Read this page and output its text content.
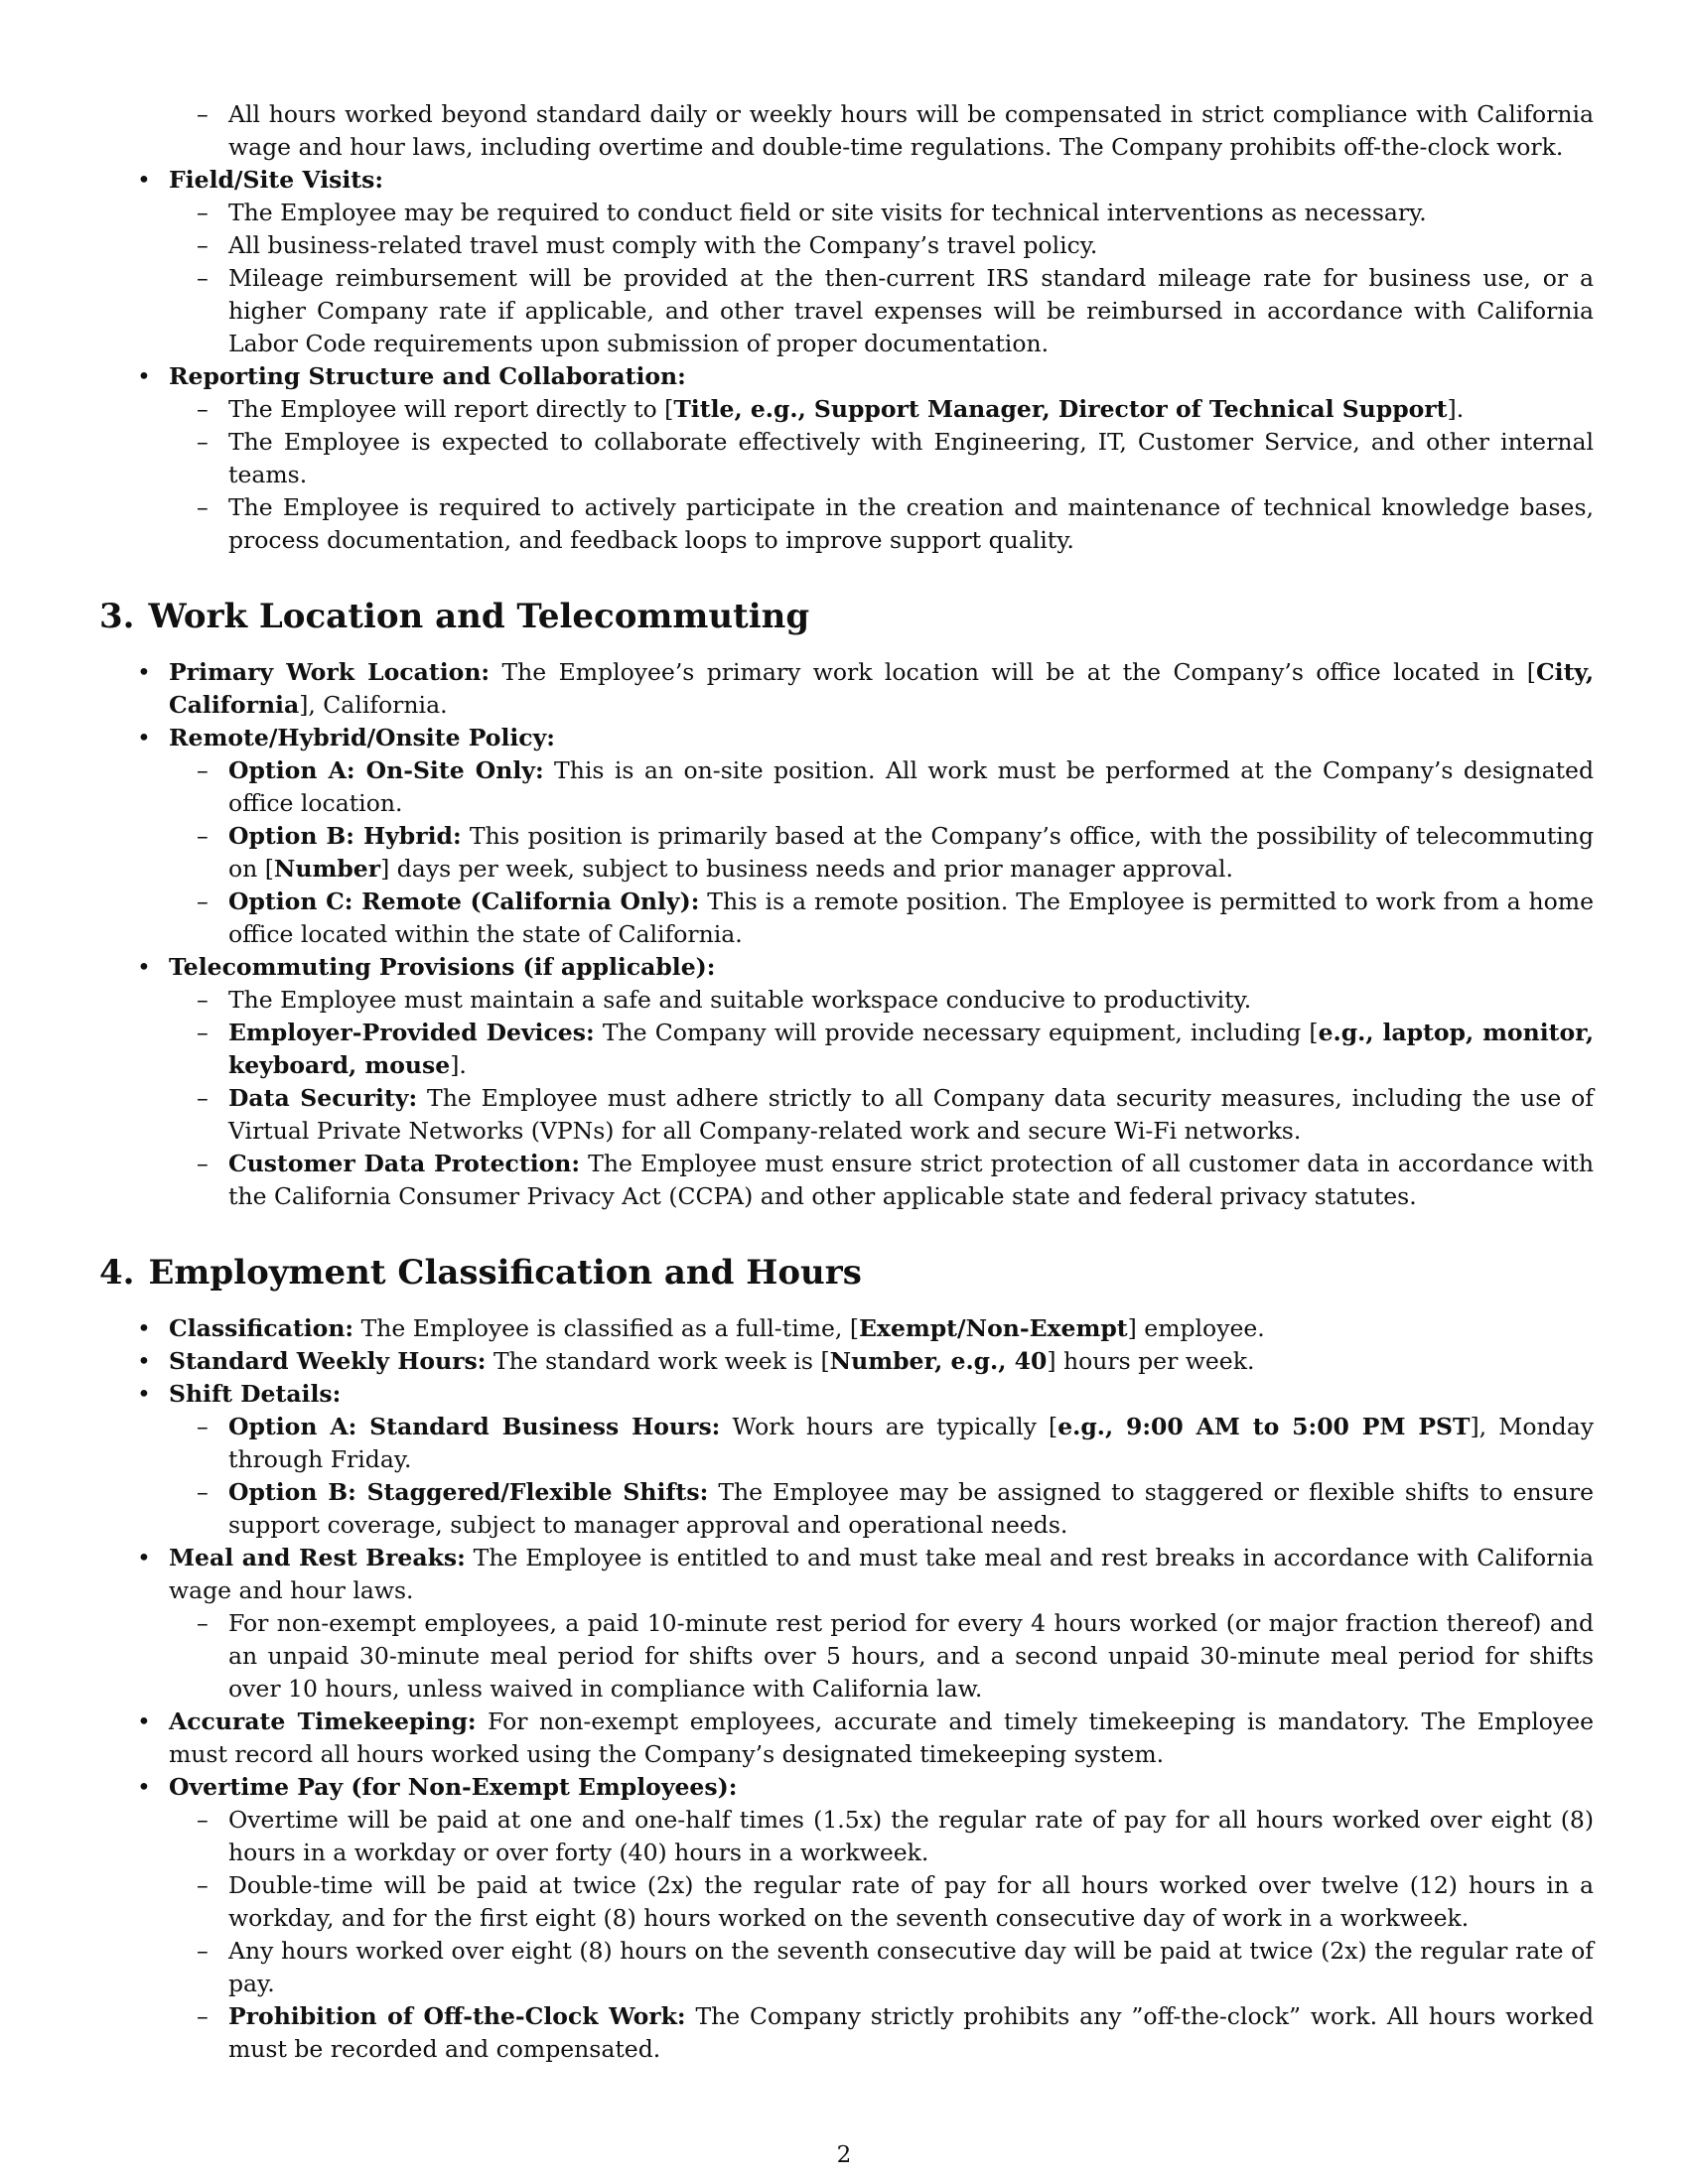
– All hours worked beyond standard daily or weekly hours will be compensated in strict compliance with California wage and hour laws, including overtime and double-time regulations. The Company prohibits off-the-clock work.
• Field/Site Visits:
– The Employee may be required to conduct field or site visits for technical interventions as necessary.
– All business-related travel must comply with the Company’s travel policy.
– Mileage reimbursement will be provided at the then-current IRS standard mileage rate for business use, or a higher Company rate if applicable, and other travel expenses will be reimbursed in accordance with California Labor Code requirements upon submission of proper documentation.
• Reporting Structure and Collaboration:
– The Employee will report directly to [Title, e.g., Support Manager, Director of Technical Support].
– The Employee is expected to collaborate effectively with Engineering, IT, Customer Service, and other internal teams.
– The Employee is required to actively participate in the creation and maintenance of technical knowledge bases, process documentation, and feedback loops to improve support quality.
3. Work Location and Telecommuting
• Primary Work Location: The Employee’s primary work location will be at the Company’s office located in [City, California], California.
• Remote/Hybrid/Onsite Policy:
– Option A: On-Site Only: This is an on-site position. All work must be performed at the Company’s designated office location.
– Option B: Hybrid: This position is primarily based at the Company’s office, with the possibility of telecommuting on [Number] days per week, subject to business needs and prior manager approval.
– Option C: Remote (California Only): This is a remote position. The Employee is permitted to work from a home office located within the state of California.
• Telecommuting Provisions (if applicable):
– The Employee must maintain a safe and suitable workspace conducive to productivity.
– Employer-Provided Devices: The Company will provide necessary equipment, including [e.g., laptop, monitor, keyboard, mouse].
– Data Security: The Employee must adhere strictly to all Company data security measures, including the use of Virtual Private Networks (VPNs) for all Company-related work and secure Wi-Fi networks.
– Customer Data Protection: The Employee must ensure strict protection of all customer data in accordance with the California Consumer Privacy Act (CCPA) and other applicable state and federal privacy statutes.
4. Employment Classification and Hours
• Classification: The Employee is classified as a full-time, [Exempt/Non-Exempt] employee.
• Standard Weekly Hours: The standard work week is [Number, e.g., 40] hours per week.
• Shift Details:
– Option A: Standard Business Hours: Work hours are typically [e.g., 9:00 AM to 5:00 PM PST], Monday through Friday.
– Option B: Staggered/Flexible Shifts: The Employee may be assigned to staggered or flexible shifts to ensure support coverage, subject to manager approval and operational needs.
• Meal and Rest Breaks: The Employee is entitled to and must take meal and rest breaks in accordance with California wage and hour laws.
– For non-exempt employees, a paid 10-minute rest period for every 4 hours worked (or major fraction thereof) and an unpaid 30-minute meal period for shifts over 5 hours, and a second unpaid 30-minute meal period for shifts over 10 hours, unless waived in compliance with California law.
• Accurate Timekeeping: For non-exempt employees, accurate and timely timekeeping is mandatory. The Employee must record all hours worked using the Company’s designated timekeeping system.
• Overtime Pay (for Non-Exempt Employees):
– Overtime will be paid at one and one-half times (1.5x) the regular rate of pay for all hours worked over eight (8) hours in a workday or over forty (40) hours in a workweek.
– Double-time will be paid at twice (2x) the regular rate of pay for all hours worked over twelve (12) hours in a workday, and for the first eight (8) hours worked on the seventh consecutive day of work in a workweek.
– Any hours worked over eight (8) hours on the seventh consecutive day will be paid at twice (2x) the regular rate of pay.
– Prohibition of Off-the-Clock Work: The Company strictly prohibits any ”off-the-clock” work. All hours worked must be recorded and compensated.
2
